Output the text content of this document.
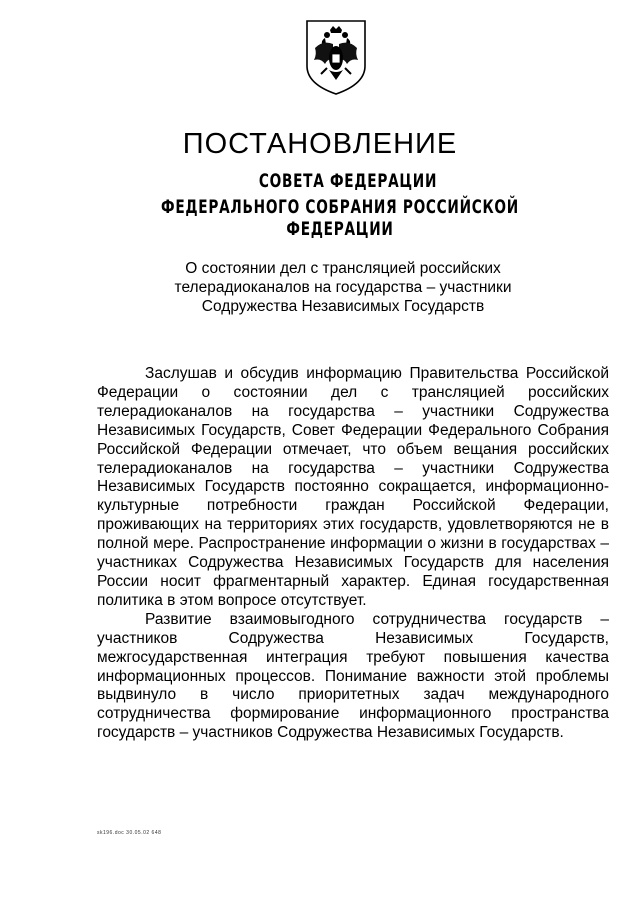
ПОСТАНОВЛЕНИЕ
СОВЕТА ФЕДЕРАЦИИ
ФЕДЕРАЛЬНОГО СОБРАНИЯ РОССИЙСКОЙ ФЕДЕРАЦИИ
О состоянии дел с трансляцией российских
телерадиоканалов на государства – участники
Содружества Независимых Государств

Заслушав и обсудив информацию Правительства Российской Федерации о состоянии дел с трансляцией российских телерадиоканалов на государства – участники Содружества Независимых Государств, Совет Федерации Федерального Собрания Российской Федерации отмечает, что объем вещания российских телерадиоканалов на государства – участники Содружества Независимых Государств постоянно сокращается, информационно-культурные потребности граждан Российской Федерации, проживающих на территориях этих государств, удовлетворяются не в полной мере. Распространение информации о жизни в государствах – участниках Содружества Независимых Государств для населения России носит фрагментарный характер. Единая государственная политика в этом вопросе отсутствует.

Развитие взаимовыгодного сотрудничества государств – участников Содружества Независимых Государств, межгосударственная интеграция требуют повышения качества информационных процессов. Понимание важности этой проблемы выдвинуло в число приоритетных задач международного сотрудничества формирование информационного пространства государств – участников Содружества Независимых Государств.

sk196.doc 30.05.02 648
